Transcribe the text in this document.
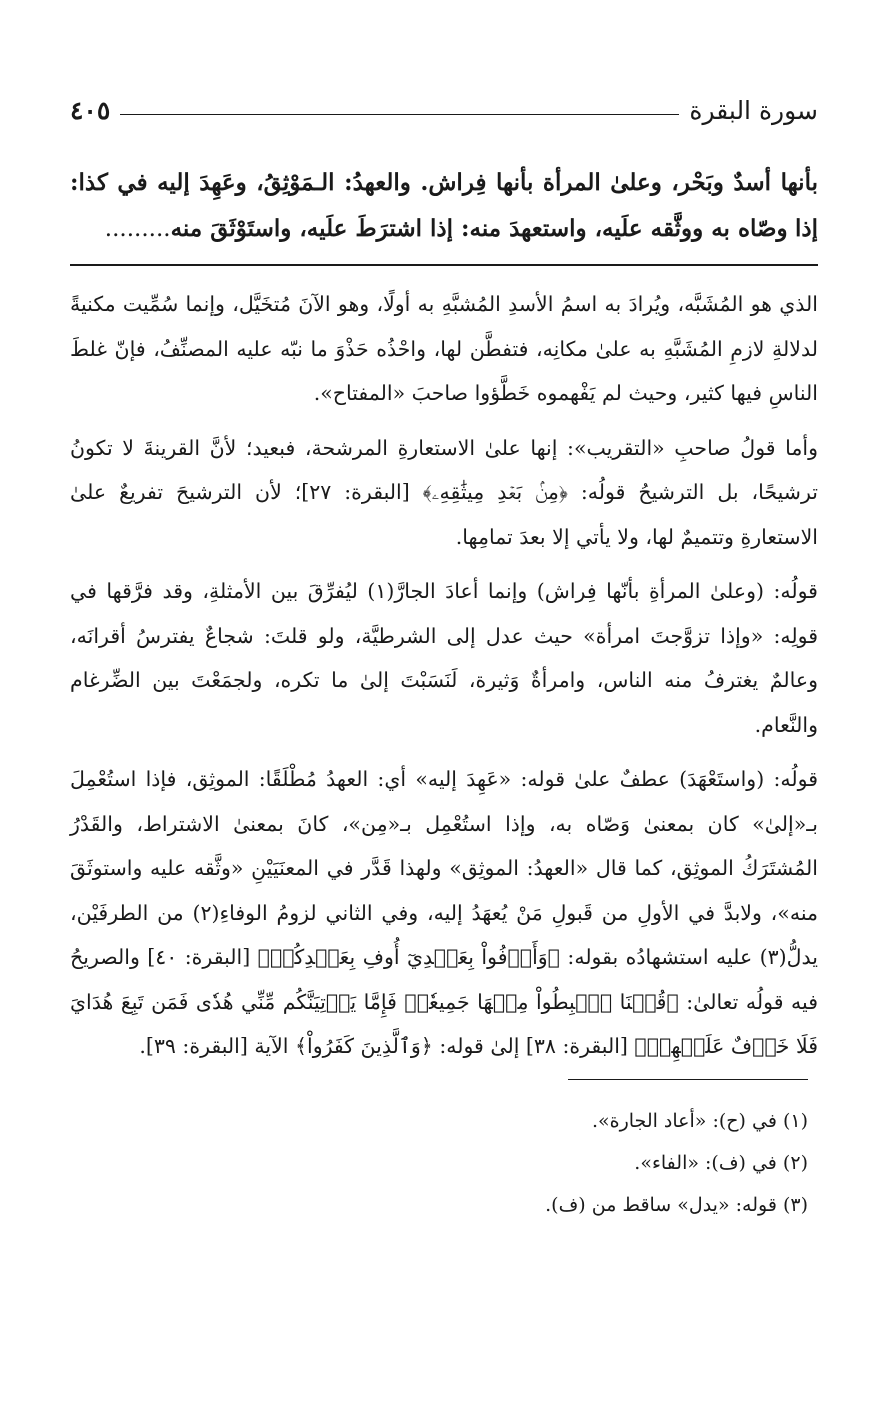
سورة البقرة
٤٠٥
بأنها أسدٌ وبَحْر، وعلىٰ المرأة بأنها فِراش. والعهدُ: الـمَوْثِقُ، وعَهِدَ إليه في كذا: إذا وصّاه به ووثَّقه علَيه، واستعهدَ منه: إذا اشترَطَ علَيه، واستَوْثَقَ منه.........

الذي هو المُشَبَّه، ويُرادَ به اسمُ الأسدِ المُشبَّهِ به أولًا، وهو الآنَ مُتخَيَّل، وإنما سُمِّيت مكنيةً لدلالةِ لازمِ المُشَبَّهِ به علىٰ مكانِه، فتفطَّن لها، واحْذُه حَذْوَ ما نبّه عليه المصنِّفُ، فإنّ غلطَ الناسِ فيها كثير، وحيث لم يَفْهموه خَطَّؤوا صاحبَ «المفتاح».

وأما قولُ صاحبِ «التقريب»: إنها علىٰ الاستعارةِ المرشحة، فبعيد؛ لأنَّ القرينةَ لا تكونُ ترشيحًا، بل الترشيحُ قولُه: ﴿مِنۢ بَعۡدِ مِيثَٰقِهِۦ﴾ [البقرة: ٢٧]؛ لأن الترشيحَ تفريعٌ علىٰ الاستعارةِ وتتميمٌ لها، ولا يأتي إلا بعدَ تمامِها.

قولُه: (وعلىٰ المرأةِ بأنّها فِراش) وإنما أعادَ الجارَّ(١) ليُفرِّقَ بين الأمثلةِ، وقد فرَّقها في قولِه: «وإذا تزوَّجتَ امرأة» حيث عدل إلى الشرطيَّة، ولو قلتَ: شجاعٌ يفترسُ أقرانَه، وعالمٌ يغترفُ منه الناس، وامرأةٌ وَثيرة، لَنَسَبْتَ إلىٰ ما تكره، ولجمَعْتَ بين الضِّرغام والنَّعام.

قولُه: (واستَعْهَدَ) عطفٌ علىٰ قوله: «عَهِدَ إليه» أي: العهدُ مُطْلَقًا: الموثِق، فإذا استُعْمِلَ بـ«إلىٰ» كان بمعنىٰ وَصّاه به، وإذا استُعْمِل بـ«مِن»، كانَ بمعنىٰ الاشتراط، والقَدْرُ المُشتَرَكُ الموثِق، كما قال «العهدُ: الموثِق» ولهذا قَدَّر في المعنَيَيْنِ «وثَّقه عليه واستوثَقَ منه»، ولابدَّ في الأولِ من قَبولِ مَنْ يُعهَدُ إليه، وفي الثاني لزومُ الوفاءِ(٢) من الطرفَيْن، يدلُّ(٣) عليه استشهادُه بقوله: ﴿وَأَوۡفُواْ بِعَهۡدِيٓ أُوفِ بِعَهۡدِكُمۡ﴾ [البقرة: ٤٠] والصريحُ فيه قولُه تعالىٰ: ﴿قُلۡنَا ٱهۡبِطُواْ مِنۡهَا جَمِيعٗاۖ فَإِمَّا يَأۡتِيَنَّكُم مِّنِّي هُدٗى فَمَن تَبِعَ هُدَايَ فَلَا خَوۡفٌ عَلَيۡهِمۡ﴾ [البقرة: ٣٨] إلىٰ قوله: ﴿وَٱلَّذِينَ كَفَرُواْ﴾ الآية [البقرة: ٣٩].

(١) في (ح): «أعاد الجارة».
(٢) في (ف): «الفاء».
(٣) قوله: «يدل» ساقط من (ف).
